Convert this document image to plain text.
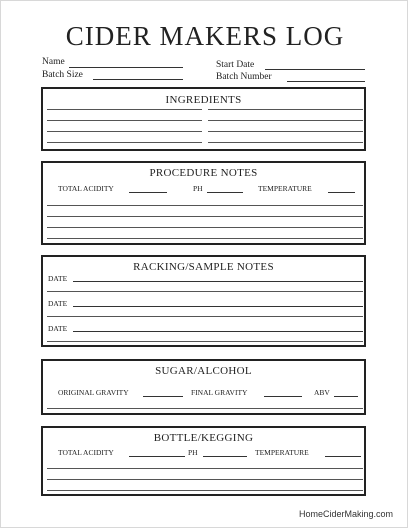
CIDER MAKERS LOG
Name
Batch Size
Start Date
Batch Number
INGREDIENTS
PROCEDURE NOTES
TOTAL ACIDITY	PH	TEMPERATURE
RACKING/SAMPLE NOTES
DATE
DATE
DATE
SUGAR/ALCOHOL
ORIGINAL GRAVITY	FINAL GRAVITY	ABV
BOTTLE/KEGGING
TOTAL ACIDITY	PH	TEMPERATURE
HomeCiderMaking.com
